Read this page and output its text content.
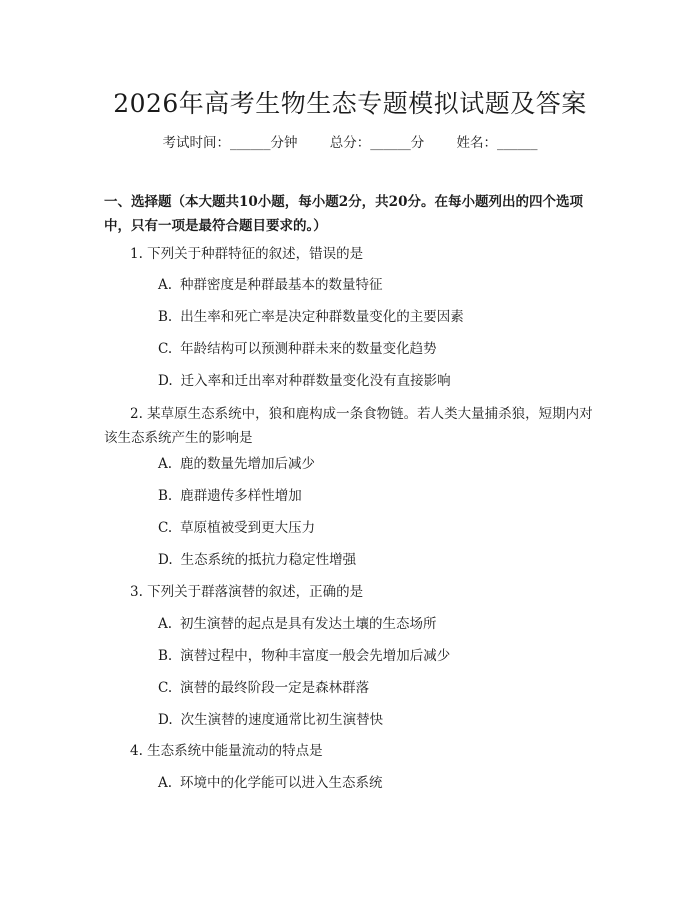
2026年高考生物生态专题模拟试题及答案
考试时间：______分钟 总分：______分 姓名：______
一、选择题（本大题共10小题，每小题2分，共20分。在每小题列出的四个选项中，只有一项是最符合题目要求的。）
1. 下列关于种群特征的叙述，错误的是
A. 种群密度是种群最基本的数量特征
B. 出生率和死亡率是决定种群数量变化的主要因素
C. 年龄结构可以预测种群未来的数量变化趋势
D. 迁入率和迁出率对种群数量变化没有直接影响
2. 某草原生态系统中，狼和鹿构成一条食物链。若人类大量捕杀狼，短期内对该生态系统产生的影响是
A. 鹿的数量先增加后减少
B. 鹿群遗传多样性增加
C. 草原植被受到更大压力
D. 生态系统的抵抗力稳定性增强
3. 下列关于群落演替的叙述，正确的是
A. 初生演替的起点是具有发达土壤的生态场所
B. 演替过程中，物种丰富度一般会先增加后减少
C. 演替的最终阶段一定是森林群落
D. 次生演替的速度通常比初生演替快
4. 生态系统中能量流动的特点是
A. 环境中的化学能可以进入生态系统
